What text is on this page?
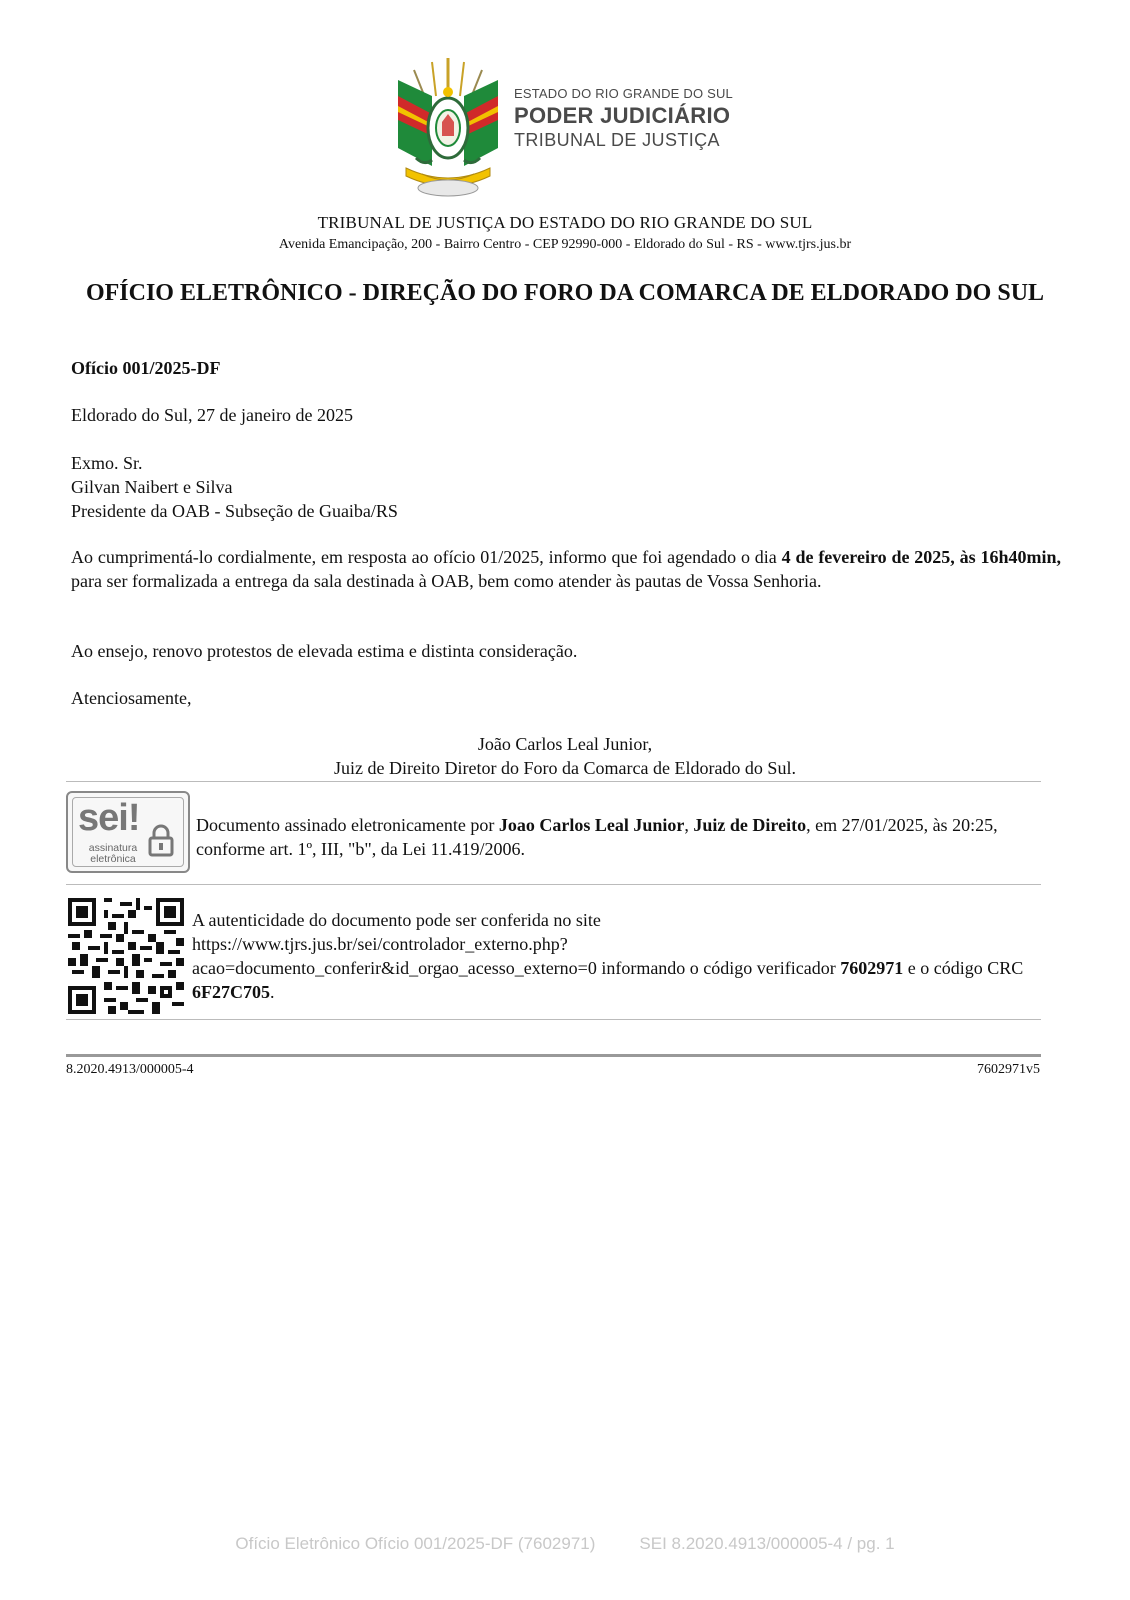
ESTADO DO RIO GRANDE DO SUL
PODER JUDICIÁRIO
TRIBUNAL DE JUSTIÇA
TRIBUNAL DE JUSTIÇA DO ESTADO DO RIO GRANDE DO SUL
Avenida Emancipação, 200 - Bairro Centro - CEP 92990-000 - Eldorado do Sul - RS - www.tjrs.jus.br
OFÍCIO ELETRÔNICO - DIREÇÃO DO FORO DA COMARCA DE ELDORADO DO SUL
Ofício 001/2025-DF
Eldorado do Sul, 27 de janeiro de 2025
Exmo. Sr.
Gilvan Naibert e Silva
Presidente da OAB - Subseção de Guaiba/RS
Ao cumprimentá-lo cordialmente, em resposta ao ofício 01/2025, informo que foi agendado o dia 4 de fevereiro de 2025, às 16h40min, para ser formalizada a entrega da sala destinada à OAB, bem como atender às pautas de Vossa Senhoria.
Ao ensejo, renovo protestos de elevada estima e distinta consideração.
Atenciosamente,
João Carlos Leal Junior,
Juiz de Direito Diretor do Foro da Comarca de Eldorado do Sul.
sei!
assinatura
eletrônica
Documento assinado eletronicamente por Joao Carlos Leal Junior, Juiz de Direito, em 27/01/2025, às 20:25, conforme art. 1º, III, "b", da Lei 11.419/2006.
A autenticidade do documento pode ser conferida no site
https://www.tjrs.jus.br/sei/controlador_externo.php?
acao=documento_conferir&id_orgao_acesso_externo=0 informando o código verificador 7602971 e o código CRC 6F27C705.
8.2020.4913/000005-4	7602971v5
Ofício Eletrônico Ofício 001/2025-DF (7602971)	SEI 8.2020.4913/000005-4 / pg. 1
